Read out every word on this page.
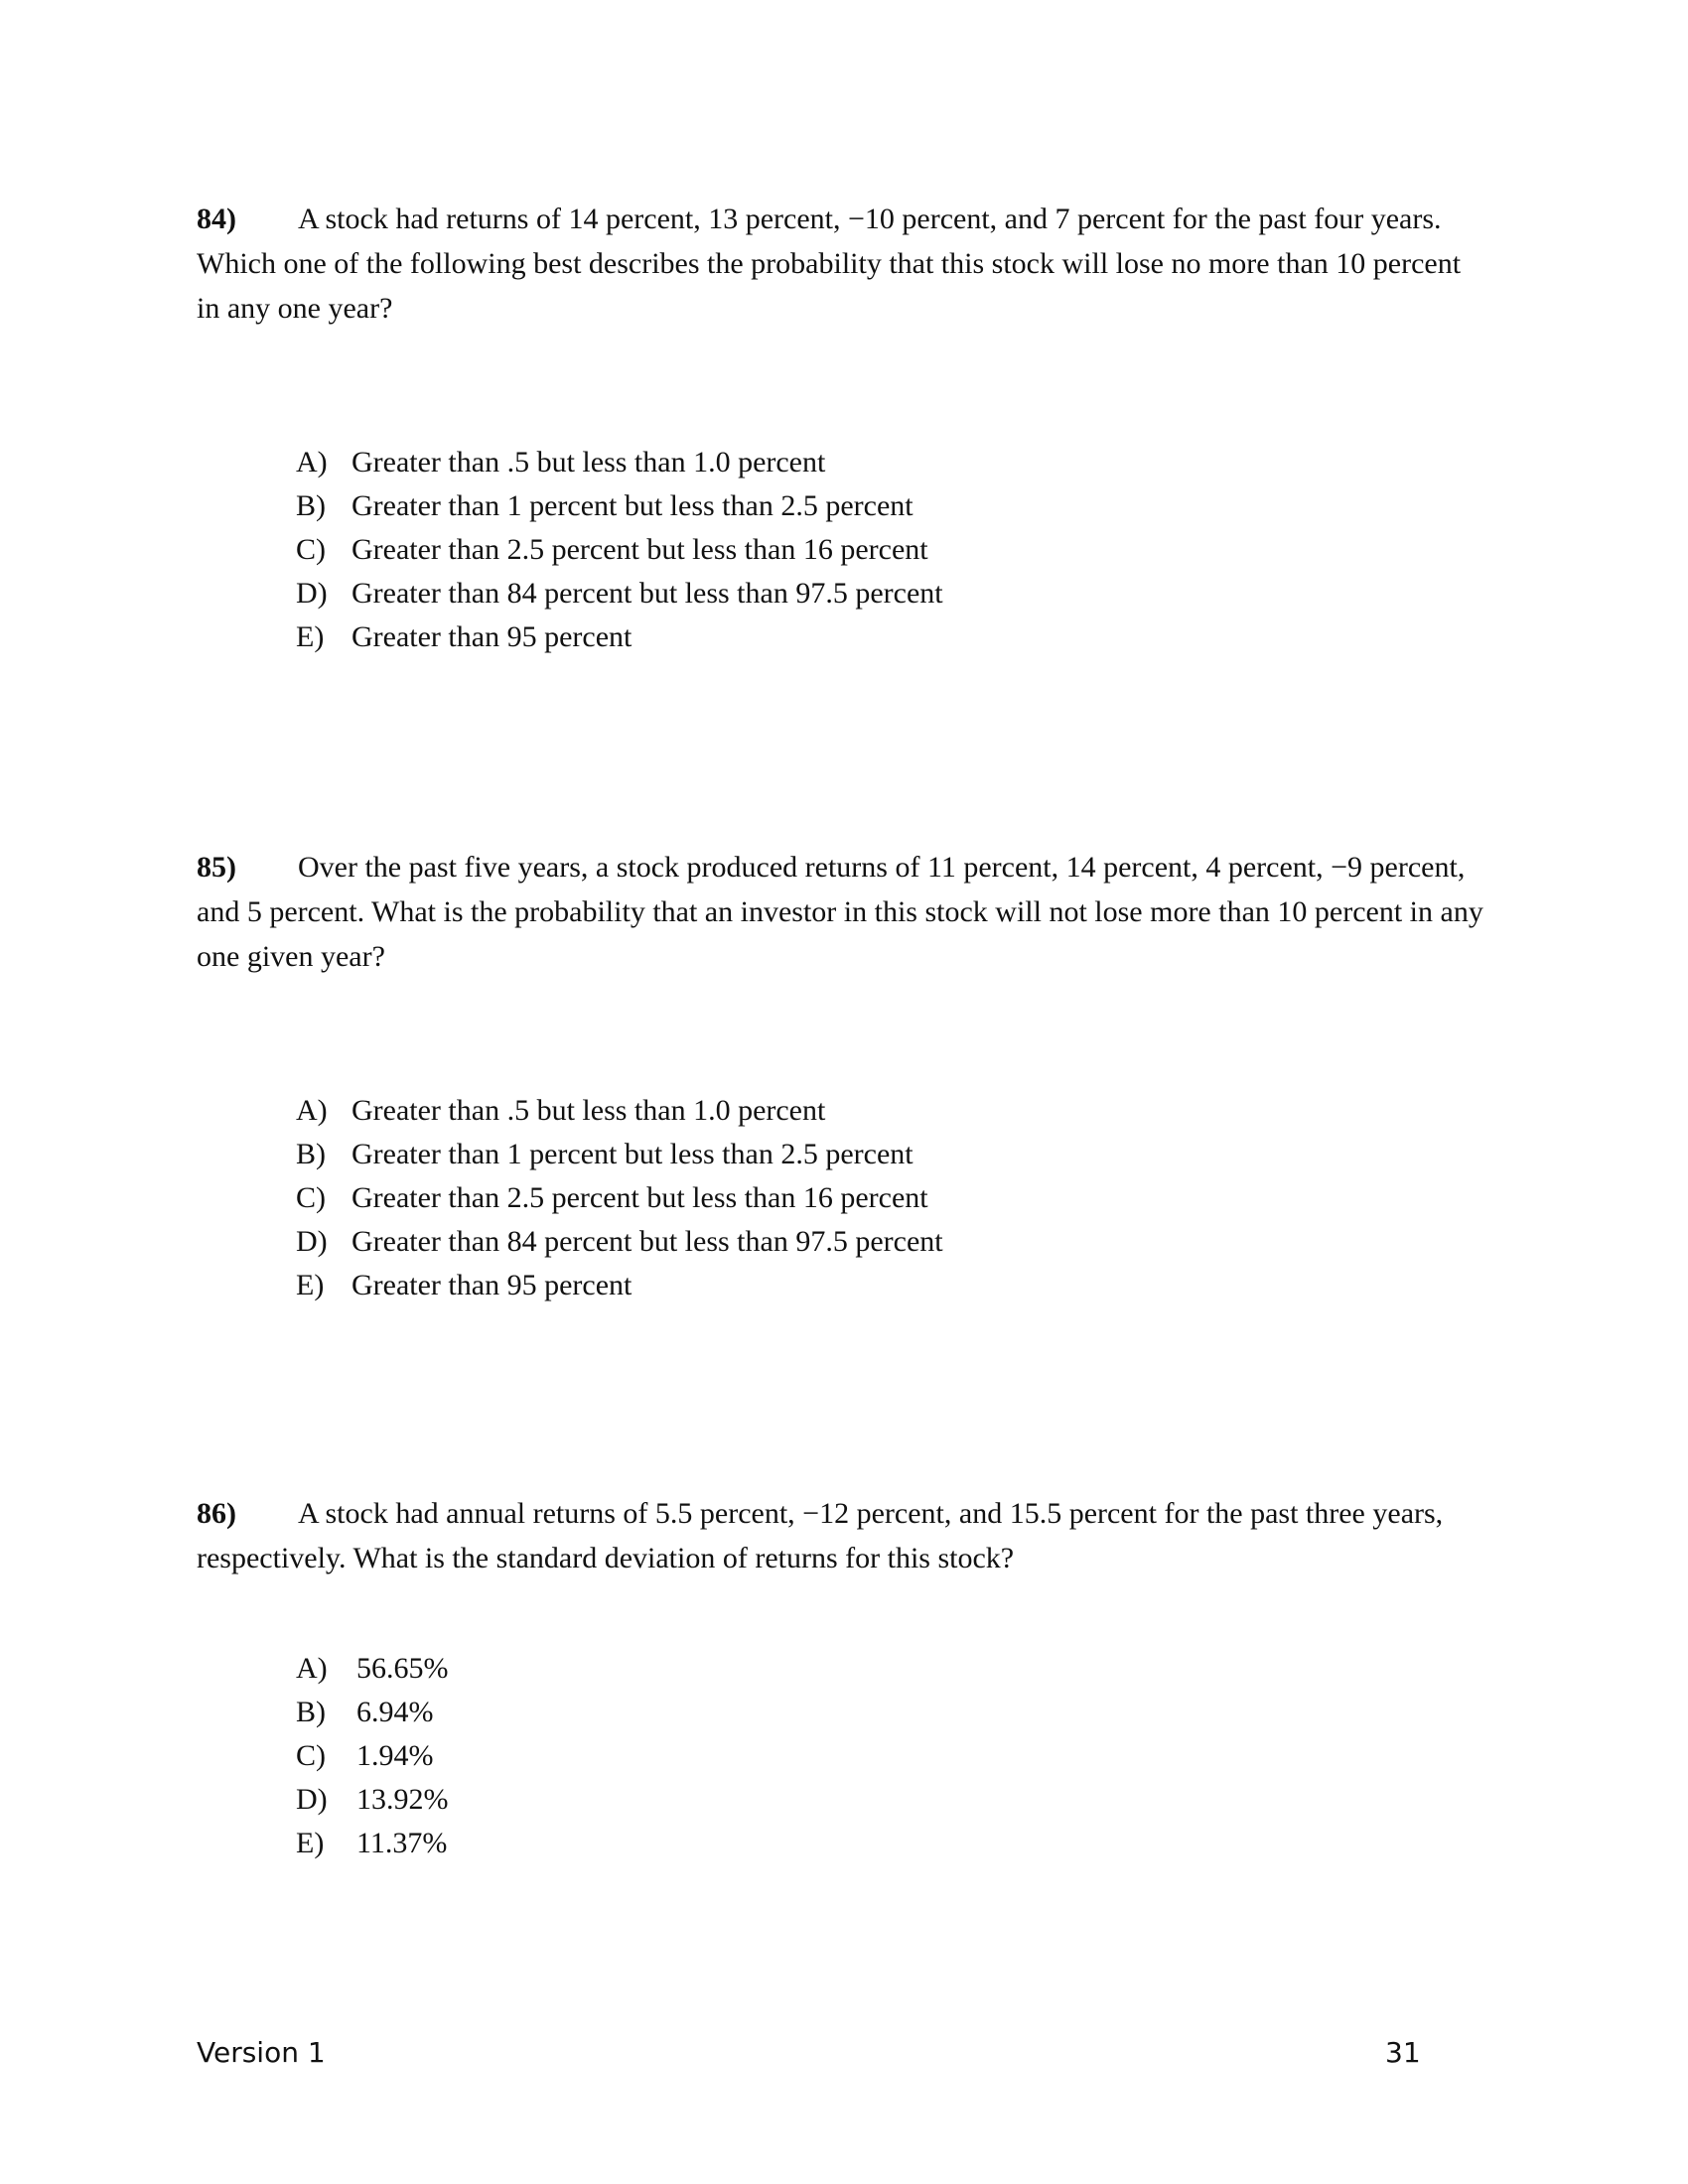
84) A stock had returns of 14 percent, 13 percent, −10 percent, and 7 percent for the past four years. Which one of the following best describes the probability that this stock will lose no more than 10 percent in any one year?
A) Greater than .5 but less than 1.0 percent
B) Greater than 1 percent but less than 2.5 percent
C) Greater than 2.5 percent but less than 16 percent
D) Greater than 84 percent but less than 97.5 percent
E) Greater than 95 percent
85) Over the past five years, a stock produced returns of 11 percent, 14 percent, 4 percent, −9 percent, and 5 percent. What is the probability that an investor in this stock will not lose more than 10 percent in any one given year?
A) Greater than .5 but less than 1.0 percent
B) Greater than 1 percent but less than 2.5 percent
C) Greater than 2.5 percent but less than 16 percent
D) Greater than 84 percent but less than 97.5 percent
E) Greater than 95 percent
86) A stock had annual returns of 5.5 percent, −12 percent, and 15.5 percent for the past three years, respectively. What is the standard deviation of returns for this stock?
A) 56.65%
B) 6.94%
C) 1.94%
D) 13.92%
E) 11.37%
Version 1	31
